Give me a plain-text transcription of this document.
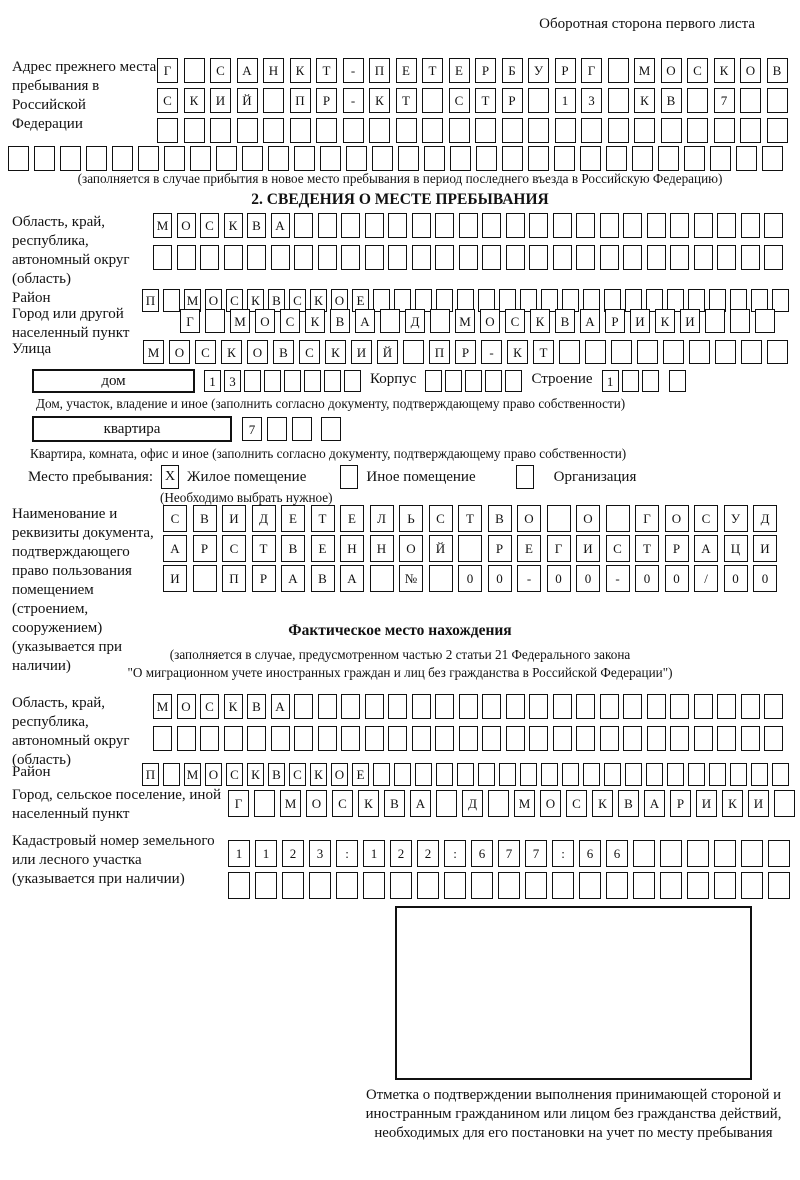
Оборотная сторона первого листа
Адрес прежнего места пребывания в Российской Федерации
Г	С	А	Н	К	Т	-	П	Е	Т	Е	Р	Б	У	Р	Г	М	О	С	К	О	В
С	К	И	Й	П	Р	-	К	Т	С	Т	Р	1	3	К	В	7
(заполняется в случае прибытия в новое место пребывания в период последнего въезда в Российскую Федерацию)
2. СВЕДЕНИЯ О МЕСТЕ ПРЕБЫВАНИЯ
Область, край, республика, автономный округ (область)
М	О	С	К	В	А
Район	П М О С К В С К О Е
Город или другой населенный пункт
Г	М	О	С	К	В	А	Д	М	О	С	К	В	А	Р	И	К	И
Улица	М	О	С	К	О	В	С	К	И	Й	П	Р	-	К	Т
дом	1	3	Корпус	Строение	1
Дом, участок, владение и иное (заполнить согласно документу, подтверждающему право собственности)
квартира	7
Квартира, комната, офис и иное (заполнить согласно документу, подтверждающему право собственности)
Место пребывания: X Жилое помещение	Иное помещение	Организация
(Необходимо выбрать нужное)
Наименование и реквизиты документа, подтверждающего право пользования помещением (строением, сооружением) (указывается при наличии)
С	В	И	Д	Е	Т	Е	Л	Ь	С	Т	В	О	О	Г	О	С	У	Д
А	Р	С	Т	В	Е	Н	Н	О	Й	Р	Е	Г	И	С	Т	Р	А	Ц	И
И	П	Р	А	В	А	№	0	0	-	0	0	-	0	0	/	0	0
Фактическое место нахождения
(заполняется в случае, предусмотренном частью 2 статьи 21 Федерального закона
"О миграционном учете иностранных граждан и лиц без гражданства в Российской Федерации")
Область, край, республика, автономный округ (область)
М	О	С	К	В	А
Район	П М О С К В С К О Е
Город, сельское поселение, иной населенный пункт
Г	М	О	С	К	В	А	Д	М	О	С	К	В	А	Р	И	К	И
Кадастровый номер земельного или лесного участка (указывается при наличии)
1	1	2	3	:	1	2	2	:	6	7	7	:	6	6
Отметка о подтверждении выполнения принимающей стороной и иностранным гражданином или лицом без гражданства действий, необходимых для его постановки на учет по месту пребывания
